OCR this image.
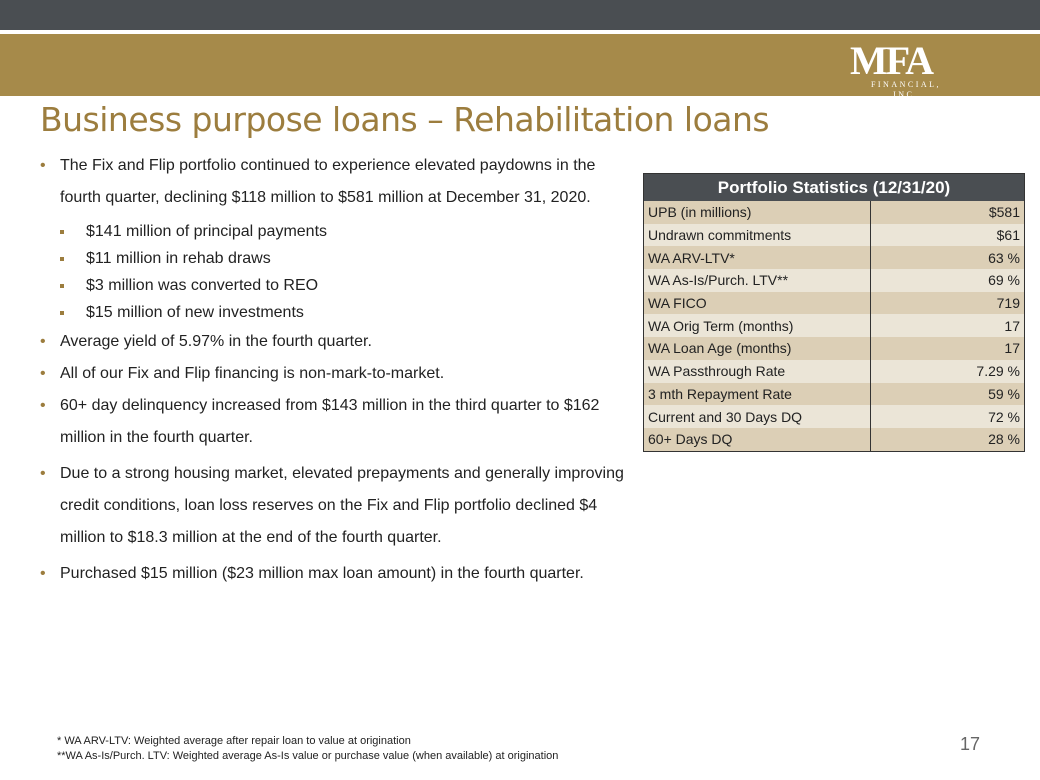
MFA
FINANCIAL, INC.
Business purpose loans – Rehabilitation loans
• The Fix and Flip portfolio continued to experience elevated paydowns in the fourth quarter, declining $118 million to $581 million at December 31, 2020.
$141 million of principal payments
$11 million in rehab draws
$3 million was converted to REO
$15 million of new investments
• Average yield of 5.97% in the fourth quarter.
• All of our Fix and Flip financing is non-mark-to-market.
• 60+ day delinquency increased from $143 million in the third quarter to $162 million in the fourth quarter.
• Due to a strong housing market, elevated prepayments and generally improving credit conditions, loan loss reserves on the Fix and Flip portfolio declined $4 million to $18.3 million at the end of the fourth quarter.
• Purchased $15 million ($23 million max loan amount) in the fourth quarter.
Portfolio Statistics (12/31/20)
UPB (in millions)	$581
Undrawn commitments	$61
WA ARV-LTV*	63 %
WA As-Is/Purch. LTV**	69 %
WA FICO	719
WA Orig Term (months)	17
WA Loan Age (months)	17
WA Passthrough Rate	7.29 %
3 mth Repayment Rate	59 %
Current and 30 Days DQ	72 %
60+ Days DQ	28 %
* WA ARV-LTV: Weighted average after repair loan to value at origination
**WA As-Is/Purch. LTV: Weighted average As-Is value or purchase value (when available) at origination
17
